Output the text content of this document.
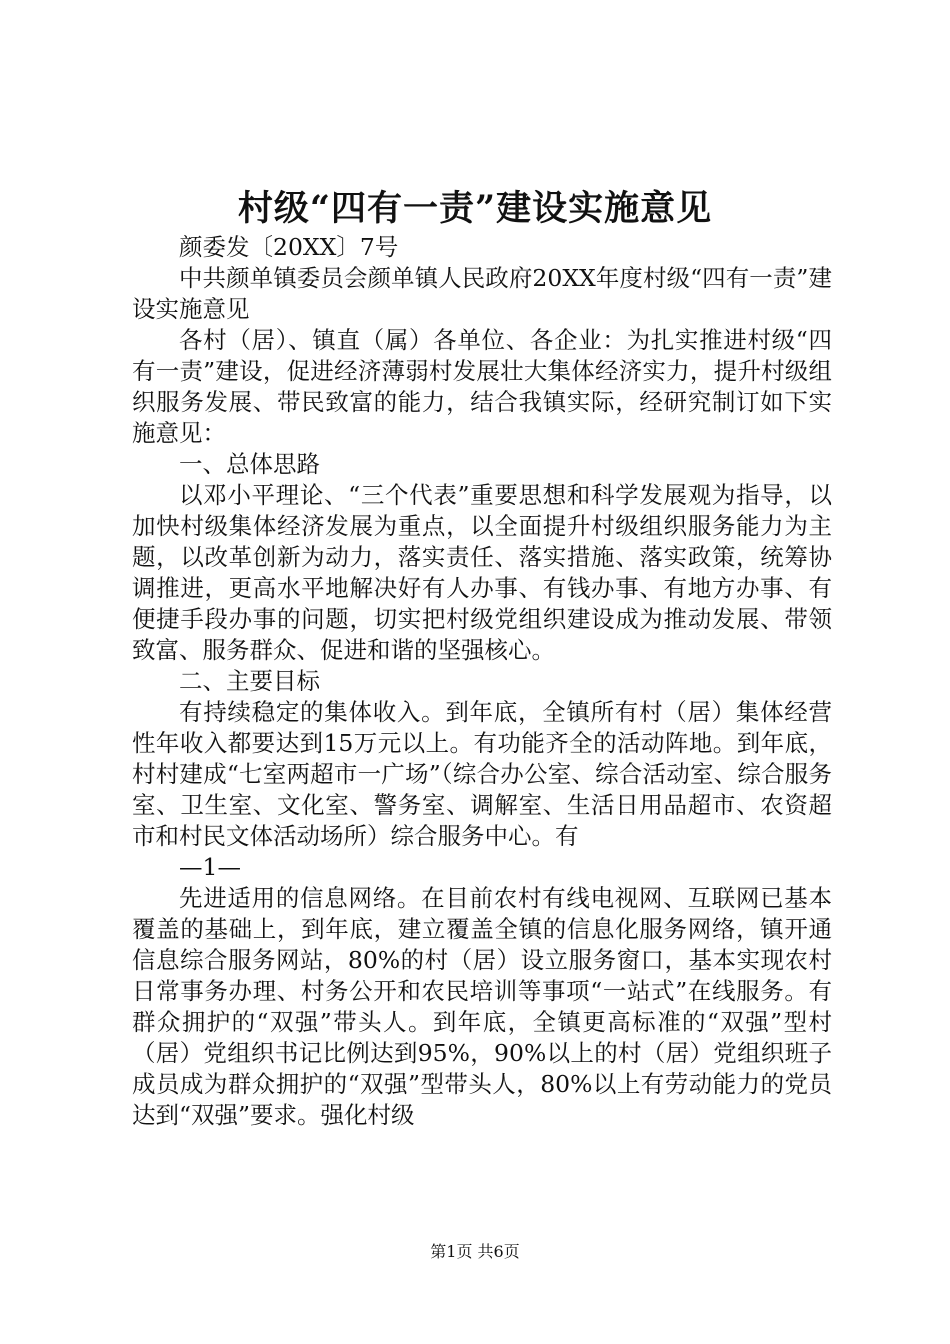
村级“四有一责”建设实施意见

颜委发〔20XX〕7号

中共颜单镇委员会颜单镇人民政府20XX年度村级“四有一责”建设实施意见

各村（居）、镇直（属）各单位、各企业：为扎实推进村级“四有一责”建设，促进经济薄弱村发展壮大集体经济实力，提升村级组织服务发展、带民致富的能力，结合我镇实际，经研究制订如下实施意见：

一、总体思路

以邓小平理论、“三个代表”重要思想和科学发展观为指导，以加快村级集体经济发展为重点，以全面提升村级组织服务能力为主题，以改革创新为动力，落实责任、落实措施、落实政策，统筹协调推进，更高水平地解决好有人办事、有钱办事、有地方办事、有便捷手段办事的问题，切实把村级党组织建设成为推动发展、带领致富、服务群众、促进和谐的坚强核心。

二、主要目标

有持续稳定的集体收入。到年底，全镇所有村（居）集体经营性年收入都要达到15万元以上。有功能齐全的活动阵地。到年底，村村建成“七室两超市一广场”（综合办公室、综合活动室、综合服务室、卫生室、文化室、警务室、调解室、生活日用品超市、农资超市和村民文体活动场所）综合服务中心。有

—1—

先进适用的信息网络。在目前农村有线电视网、互联网已基本覆盖的基础上，到年底，建立覆盖全镇的信息化服务网络，镇开通信息综合服务网站，80%的村（居）设立服务窗口，基本实现农村日常事务办理、村务公开和农民培训等事项“一站式”在线服务。有群众拥护的“双强”带头人。到年底，全镇更高标准的“双强”型村（居）党组织书记比例达到95%，90%以上的村（居）党组织班子成员成为群众拥护的“双强”型带头人，80%以上有劳动能力的党员达到“双强”要求。强化村级

第1页 共6页
